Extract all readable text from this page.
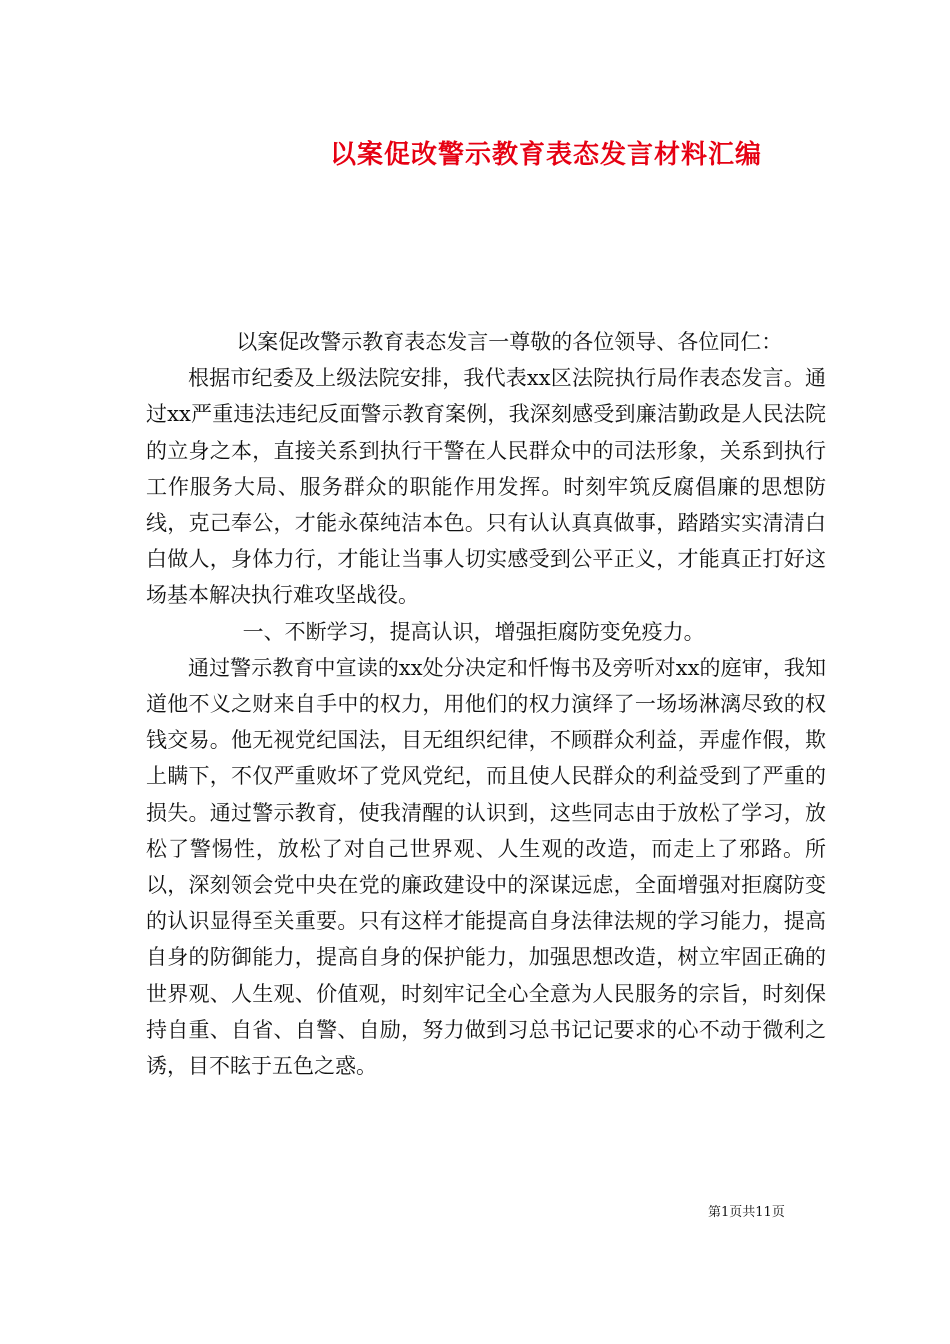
以案促改警示教育表态发言材料汇编

以案促改警示教育表态发言一尊敬的各位领导、各位同仁：

根据市纪委及上级法院安排，我代表xx区法院执行局作表态发言。通过xx严重违法违纪反面警示教育案例，我深刻感受到廉洁勤政是人民法院的立身之本，直接关系到执行干警在人民群众中的司法形象，关系到执行工作服务大局、服务群众的职能作用发挥。时刻牢筑反腐倡廉的思想防线，克己奉公，才能永葆纯洁本色。只有认认真真做事，踏踏实实清清白白做人，身体力行，才能让当事人切实感受到公平正义，才能真正打好这场基本解决执行难攻坚战役。

一、不断学习，提高认识，增强拒腐防变免疫力。

通过警示教育中宣读的xx处分决定和忏悔书及旁听对xx的庭审，我知道他不义之财来自手中的权力，用他们的权力演绎了一场场淋漓尽致的权钱交易。他无视党纪国法，目无组织纪律，不顾群众利益，弄虚作假，欺上瞒下，不仅严重败坏了党风党纪，而且使人民群众的利益受到了严重的损失。通过警示教育，使我清醒的认识到，这些同志由于放松了学习，放松了警惕性，放松了对自己世界观、人生观的改造，而走上了邪路。所以，深刻领会党中央在党的廉政建设中的深谋远虑，全面增强对拒腐防变的认识显得至关重要。只有这样才能提高自身法律法规的学习能力，提高自身的防御能力，提高自身的保护能力，加强思想改造，树立牢固正确的世界观、人生观、价值观，时刻牢记全心全意为人民服务的宗旨，时刻保持自重、自省、自警、自励，努力做到习总书记记要求的心不动于微利之诱，目不眩于五色之惑。

第1页共11页
